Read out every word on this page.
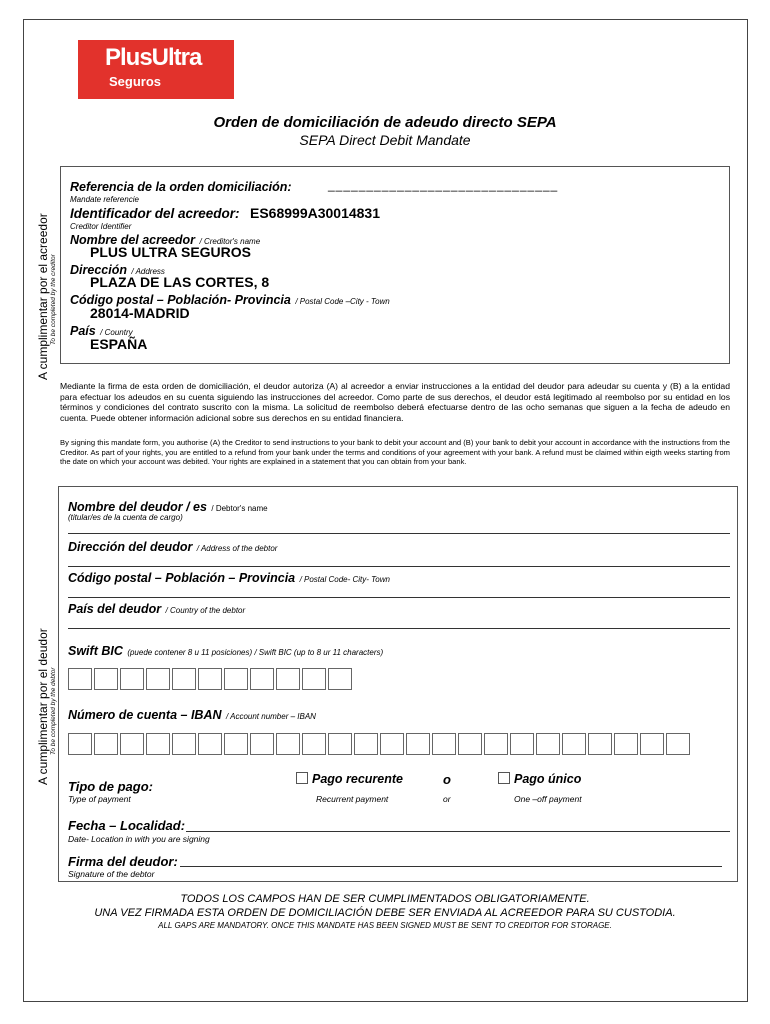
PlusUltra
Seguros
Orden de domiciliación de adeudo directo SEPA
SEPA Direct Debit Mandate
A cumplimentar por el acreedor To be completed by the creditor
Referencia de la orden domiciliación:	______________________________
Mandate referencie
Identificador del acreedor: ES68999A30014831
Creditor Identifier
Nombre del acreedor / Creditor's name
PLUS ULTRA SEGUROS
Dirección / Address
PLAZA DE LAS CORTES, 8
Código postal – Población- Provincia / Postal Code –City - Town
28014-MADRID
País / Country
ESPAÑA
Mediante la firma de esta orden de domiciliación, el deudor autoriza (A) al acreedor a enviar instrucciones a la entidad del deudor para adeudar su cuenta y (B) a la entidad para efectuar los adeudos en su cuenta siguiendo las instrucciones del acreedor. Como parte de sus derechos, el deudor está legitimado al reembolso por su entidad en los términos y condiciones del contrato suscrito con la misma. La solicitud de reembolso deberá efectuarse dentro de las ocho semanas que siguen a la fecha de adeudo en cuenta. Puede obtener información adicional sobre sus derechos en su entidad financiera.
By signing this mandate form, you authorise (A) the Creditor to send instructions to your bank to debit your account and (B) your bank to debit your account in accordance with the instructions from the Creditor. As part of your rights, you are entitled to a refund from your bank under the terms and conditions of your agreement with your bank. A refund must be claimed within eigth weeks starting from the date on which your account was debited. Your rights are explained in a statement that you can obtain from your bank.
A cumplimentar por el deudor To be completed by the debtor
Nombre del deudor / es / Debtor's name
(titular/es de la cuenta de cargo)
Dirección del deudor / Address of the debtor
Código postal – Población – Provincia / Postal Code- City- Town
País del deudor / Country of the debtor
Swift BIC (puede contener 8 u 11 posiciones) / Swift BIC (up to 8 ur 11 characters)
Número de cuenta – IBAN / Account number – IBAN
Tipo de pago:
Type of payment
Pago recurente
Recurrent payment
o
or
Pago único
One –off payment
Fecha – Localidad:
Date- Location in with you are signing
Firma del deudor:
Signature of the debtor
TODOS LOS CAMPOS HAN DE SER CUMPLIMENTADOS OBLIGATORIAMENTE.
UNA VEZ FIRMADA ESTA ORDEN DE DOMICILIACIÓN DEBE SER ENVIADA AL ACREEDOR PARA SU CUSTODIA.
ALL GAPS ARE MANDATORY. ONCE THIS MANDATE HAS BEEN SIGNED MUST BE SENT TO CREDITOR FOR STORAGE.
